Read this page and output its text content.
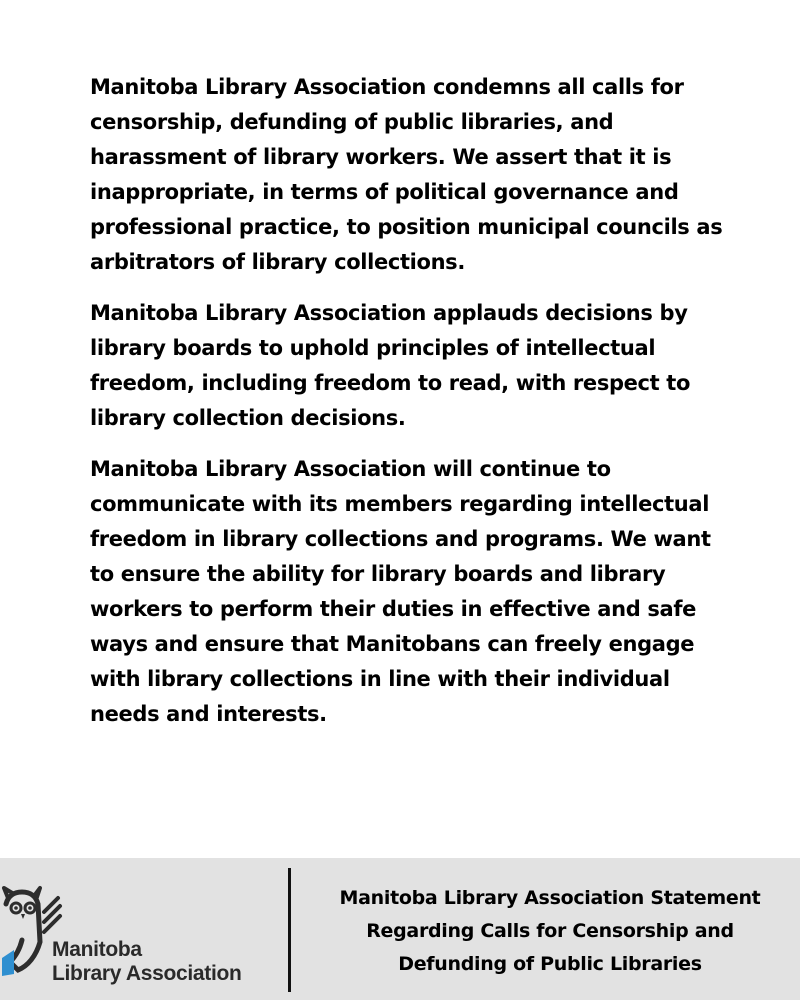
Manitoba Library Association condemns all calls for censorship, defunding of public libraries, and harassment of library workers. We assert that it is inappropriate, in terms of political governance and professional practice, to position municipal councils as arbitrators of library collections.

Manitoba Library Association applauds decisions by library boards to uphold principles of intellectual freedom, including freedom to read, with respect to library collection decisions.

Manitoba Library Association will continue to communicate with its members regarding intellectual freedom in library collections and programs. We want to ensure the ability for library boards and library workers to perform their duties in effective and safe ways and ensure that Manitobans can freely engage with library collections in line with their individual needs and interests.

Manitoba
Library Association
Manitoba Library Association Statement
Regarding Calls for Censorship and
Defunding of Public Libraries
